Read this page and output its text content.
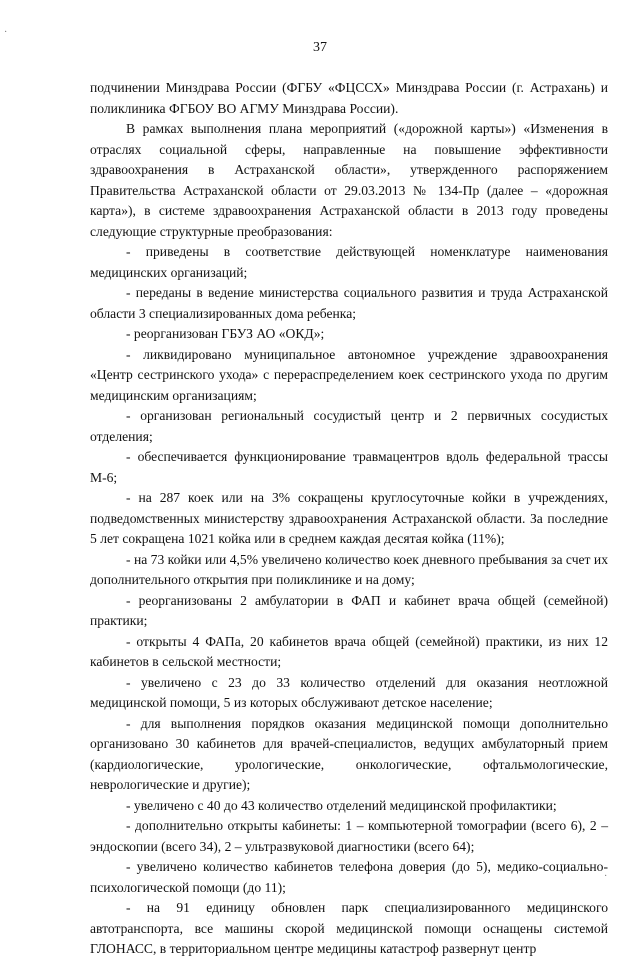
37
·
·

подчинении Минздрава России (ФГБУ «ФЦССХ» Минздрава России (г. Астрахань) и поликлиника ФГБОУ ВО АГМУ Минздрава России).

В рамках выполнения плана мероприятий («дорожной карты») «Изменения в отраслях социальной сферы, направленные на повышение эффективности здравоохранения в Астраханской области», утвержденного распоряжением Правительства Астраханской области от 29.03.2013 № 134-Пр (далее – «дорожная карта»), в системе здравоохранения Астраханской области в 2013 году проведены следующие структурные преобразования:

- приведены в соответствие действующей номенклатуре наименования медицинских организаций;

- переданы в ведение министерства социального развития и труда Астраханской области 3 специализированных дома ребенка;

- реорганизован ГБУЗ АО «ОКД»;

- ликвидировано муниципальное автономное учреждение здравоохранения «Центр сестринского ухода» с перераспределением коек сестринского ухода по другим медицинским организациям;

- организован региональный сосудистый центр и 2 первичных сосудистых отделения;

- обеспечивается функционирование травмацентров вдоль федеральной трассы М-6;

- на 287 коек или на 3% сокращены круглосуточные койки в учреждениях, подведомственных министерству здравоохранения Астраханской области. За последние 5 лет сокращена 1021 койка или в среднем каждая десятая койка (11%);

- на 73 койки или 4,5% увеличено количество коек дневного пребывания за счет их дополнительного открытия при поликлинике и на дому;

- реорганизованы 2 амбулатории в ФАП и кабинет врача общей (семейной) практики;

- открыты 4 ФАПа, 20 кабинетов врача общей (семейной) практики, из них 12 кабинетов в сельской местности;

- увеличено с 23 до 33 количество отделений для оказания неотложной медицинской помощи, 5 из которых обслуживают детское население;

- для выполнения порядков оказания медицинской помощи дополнительно организовано 30 кабинетов для врачей-специалистов, ведущих амбулаторный прием (кардиологические, урологические, онкологические, офтальмологические, неврологические и другие);

- увеличено с 40 до 43 количество отделений медицинской профилактики;

- дополнительно открыты кабинеты: 1 – компьютерной томографии (всего 6), 2 – эндоскопии (всего 34), 2 – ультразвуковой диагностики (всего 64);

- увеличено количество кабинетов телефона доверия (до 5), медико-социально-психологической помощи (до 11);

- на 91 единицу обновлен парк специализированного медицинского автотранспорта, все машины скорой медицинской помощи оснащены системой ГЛОНАСС, в территориальном центре медицины катастроф развернут центр
